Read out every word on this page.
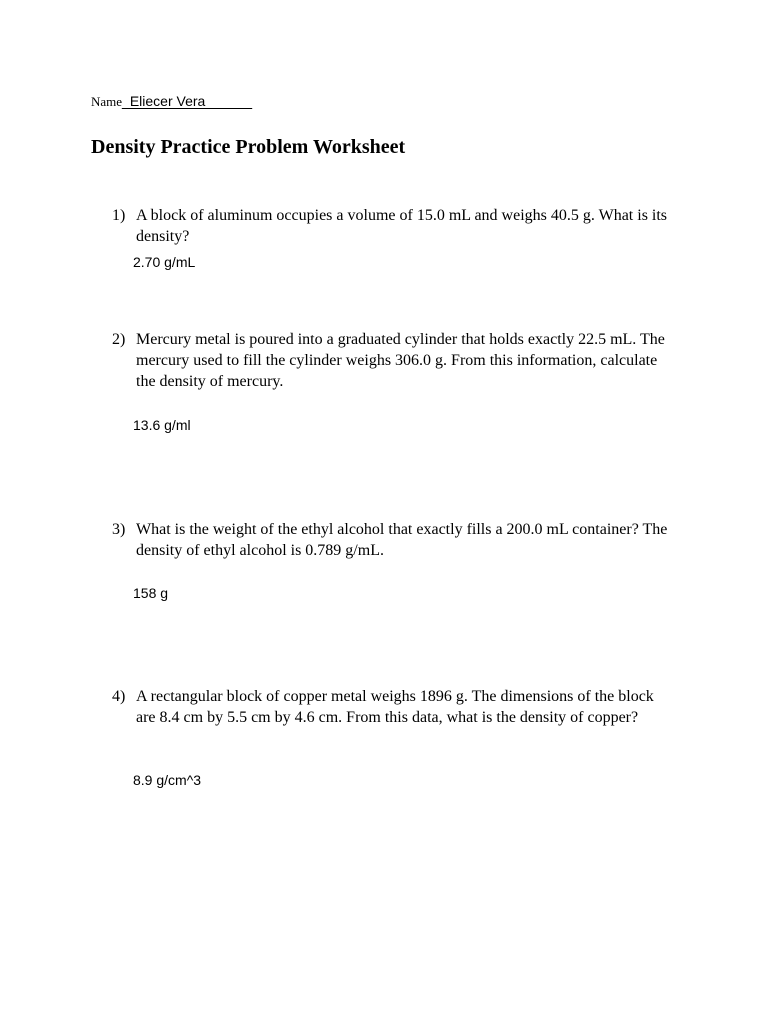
Name_Eliecer Vera______
Density Practice Problem Worksheet
1) A block of aluminum occupies a volume of 15.0 mL and weighs 40.5 g. What is its density?
2.70 g/mL
2) Mercury metal is poured into a graduated cylinder that holds exactly 22.5 mL. The mercury used to fill the cylinder weighs 306.0 g. From this information, calculate the density of mercury.
13.6 g/ml
3) What is the weight of the ethyl alcohol that exactly fills a 200.0 mL container? The density of ethyl alcohol is 0.789 g/mL.
158 g
4) A rectangular block of copper metal weighs 1896 g. The dimensions of the block are 8.4 cm by 5.5 cm by 4.6 cm. From this data, what is the density of copper?
8.9 g/cm^3
